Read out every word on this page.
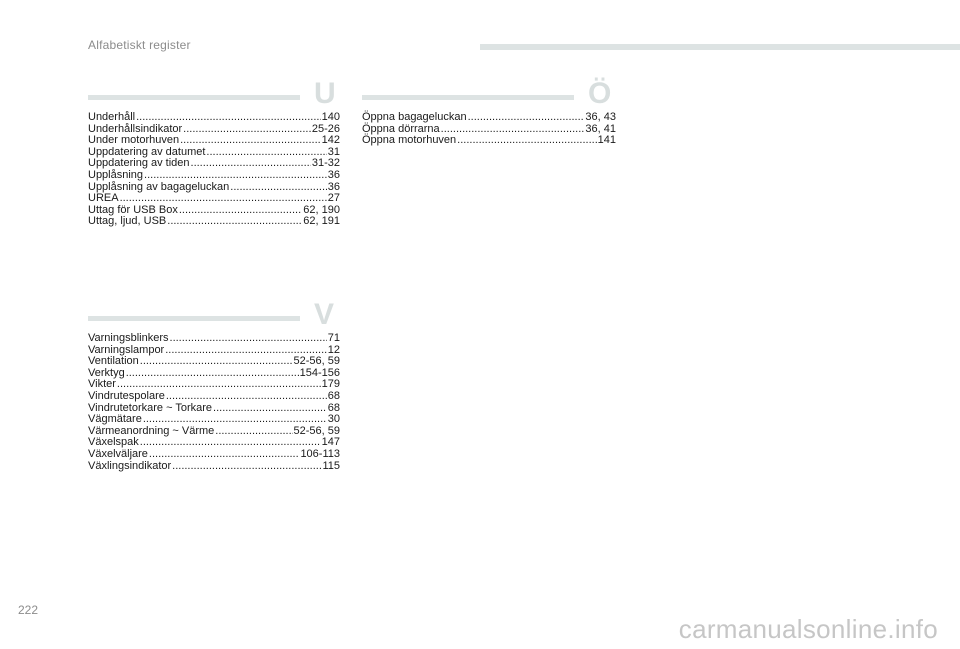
Alfabetiskt register
U
Underhåll .....	140
Underhållsindikator .....	25-26
Under motorhuven .....	142
Uppdatering av datumet .....	31
Uppdatering av tiden .....	31-32
Upplåsning .....	36
Upplåsning av bagageluckan .....	36
UREA .....	27
Uttag för USB Box .....	62, 190
Uttag, ljud, USB .....	62, 191
V
Varningsblinkers .....	71
Varningslampor .....	12
Ventilation .....	52-56, 59
Verktyg .....	154-156
Vikter .....	179
Vindrutespolare .....	68
Vindrutetorkare ~ Torkare .....	68
Vägmätare .....	30
Värmeanordning ~ Värme .....	52-56, 59
Växelspak .....	147
Växelväljare .....	106-113
Växlingsindikator .....	115
Ö
Öppna bagageluckan .....	36, 43
Öppna dörrarna .....	36, 41
Öppna motorhuven .....	141
222
carmanualsonline.info
